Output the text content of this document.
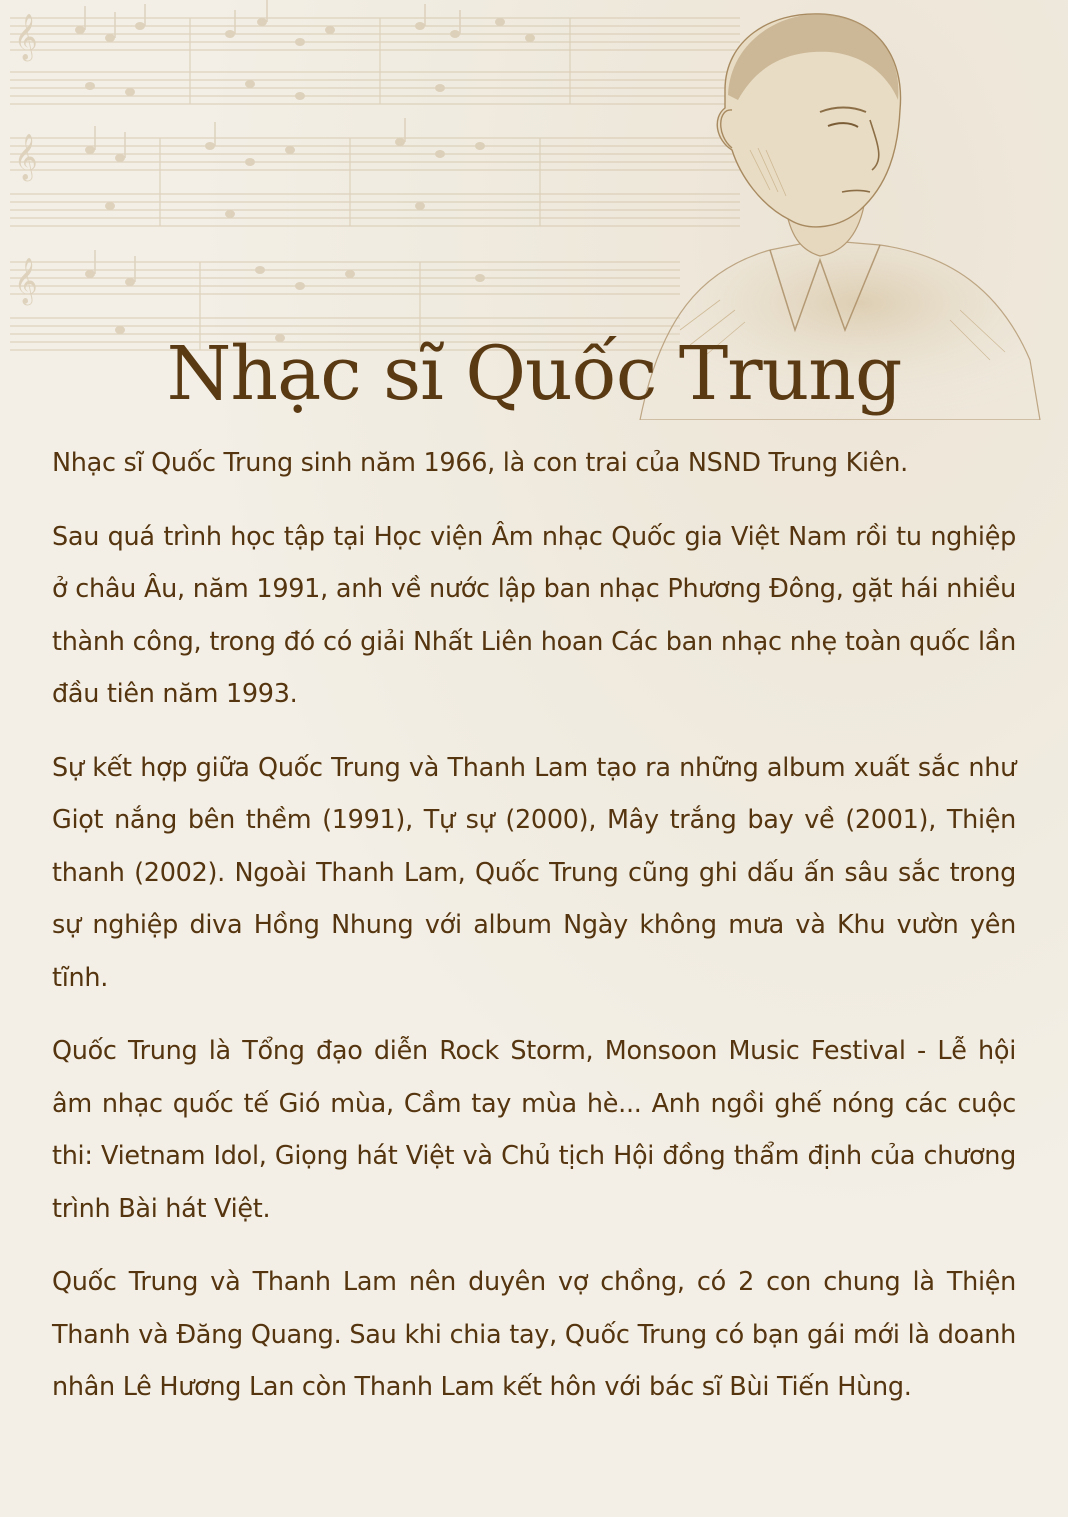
𝄞
𝄞
𝄞
Nhạc sĩ Quốc Trung

Nhạc sĩ Quốc Trung sinh năm 1966, là con trai của NSND Trung Kiên.

Sau quá trình học tập tại Học viện Âm nhạc Quốc gia Việt Nam rồi tu nghiệp ở châu Âu, năm 1991, anh về nước lập ban nhạc Phương Đông, gặt hái nhiều thành công, trong đó có giải Nhất Liên hoan Các ban nhạc nhẹ toàn quốc lần đầu tiên năm 1993.

Sự kết hợp giữa Quốc Trung và Thanh Lam tạo ra những album xuất sắc như Giọt nắng bên thềm (1991), Tự sự (2000), Mây trắng bay về (2001), Thiện thanh (2002). Ngoài Thanh Lam, Quốc Trung cũng ghi dấu ấn sâu sắc trong sự nghiệp diva Hồng Nhung với album Ngày không mưa và Khu vườn yên tĩnh.

Quốc Trung là Tổng đạo diễn Rock Storm, Monsoon Music Festival - Lễ hội âm nhạc quốc tế Gió mùa, Cầm tay mùa hè... Anh ngồi ghế nóng các cuộc thi: Vietnam Idol, Giọng hát Việt và Chủ tịch Hội đồng thẩm định của chương trình Bài hát Việt.

Quốc Trung và Thanh Lam nên duyên vợ chồng, có 2 con chung là Thiện Thanh và Đăng Quang. Sau khi chia tay, Quốc Trung có bạn gái mới là doanh nhân Lê Hương Lan còn Thanh Lam kết hôn với bác sĩ Bùi Tiến Hùng.
